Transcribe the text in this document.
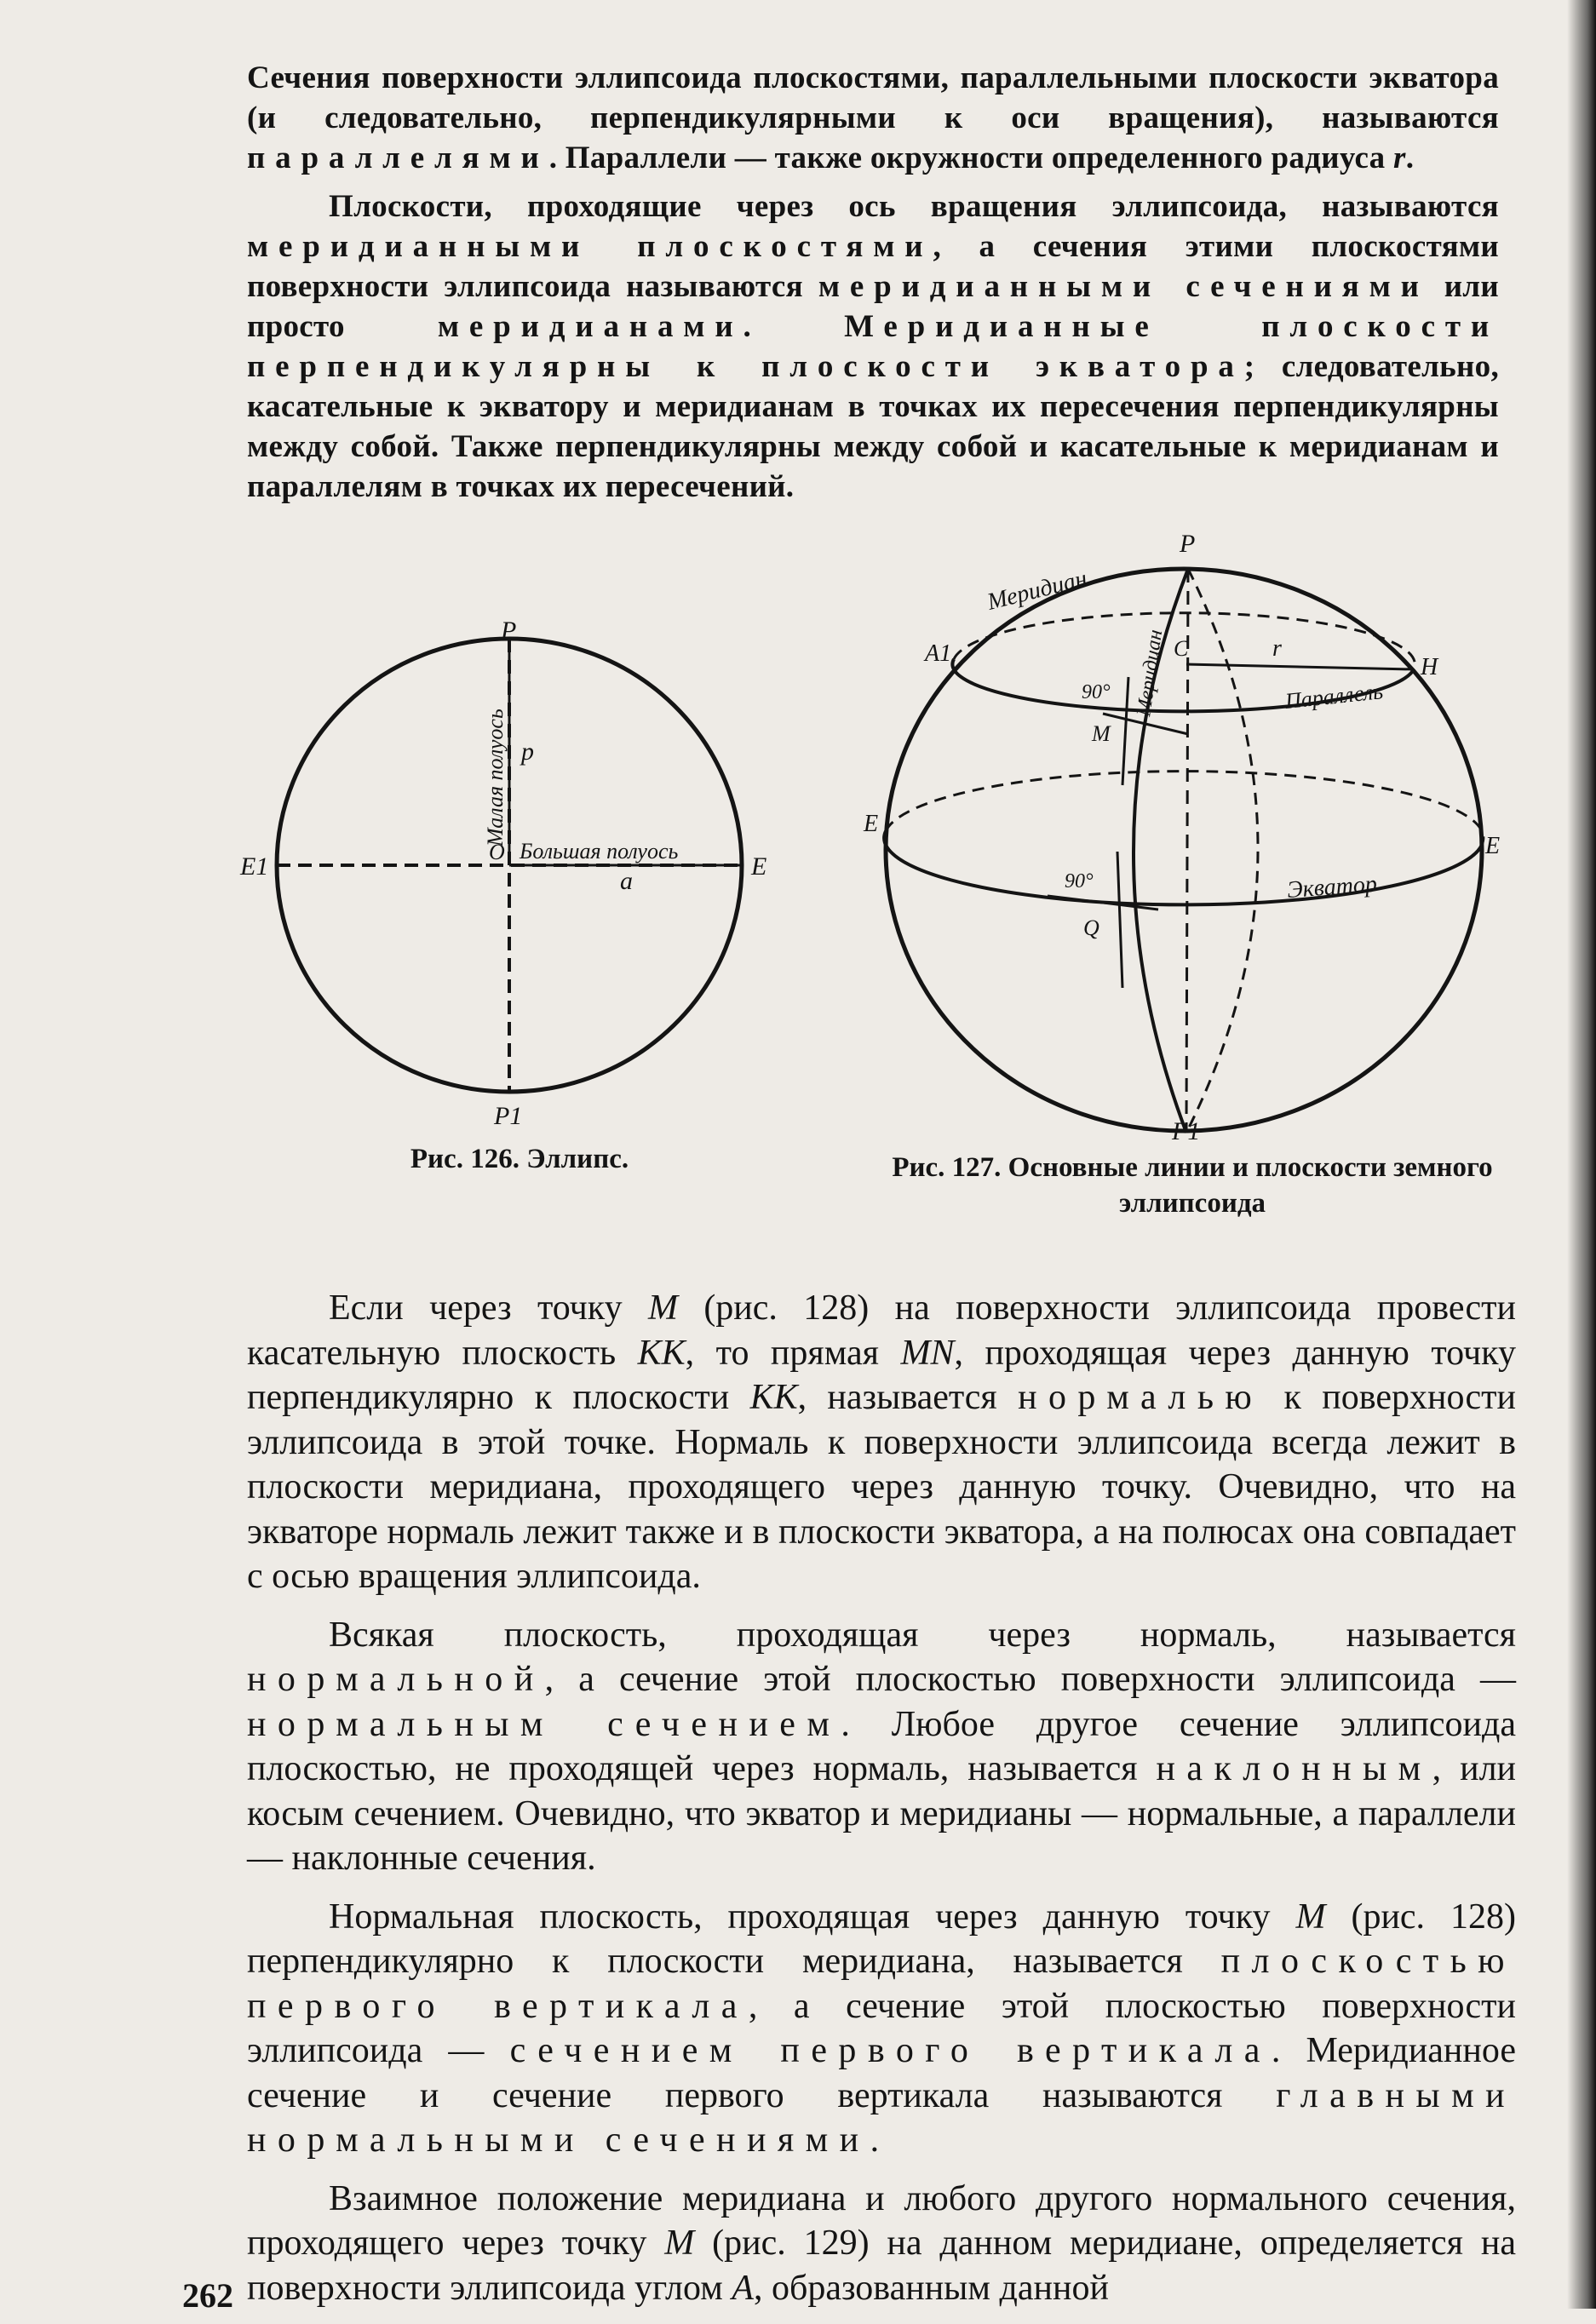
Сечения поверхности эллипсоида плоскостями, параллельными плоскости экватора (и следовательно, перпендикулярными к оси вращения), называются параллелями. Параллели — также окружности определенного радиуса r.

Плоскости, проходящие через ось вращения эллипсоида, называются меридианными плоскостями, а сечения этими плоскостями поверхности эллипсоида называются меридианными сечениями или просто меридианами. Меридианные плоскости перпендикулярны к плоскости экватора; следовательно, касательные к экватору и меридианам в точках их пересечения перпендикулярны между собой. Также перпендикулярны между собой и касательные к меридианам и параллелям в точках их пересечений.

P
P1
E
E1
O
a
p
Большая полуось
Малая полуось
Рис. 126. Эллипс.
P
P1
A1
H
C	r
M
Q
E
E
90°
90°
Параллель
Экватор
Меридиан
Меридиан
Рис. 127. Основные линии и плоскости земного эллипсоида

Если через точку M (рис. 128) на поверхности эллипсоида провести касательную плоскость KK, то прямая MN, проходящая через данную точку перпендикулярно к плоскости KK, называется нормалью к поверхности эллипсоида в этой точке. Нормаль к поверхности эллипсоида всегда лежит в плоскости меридиана, проходящего через данную точку. Очевидно, что на экваторе нормаль лежит также и в плоскости экватора, а на полюсах она совпадает с осью вращения эллипсоида.

Всякая плоскость, проходящая через нормаль, называется нормальной, а сечение этой плоскостью поверхности эллипсоида — нормальным сечением. Любое другое сечение эллипсоида плоскостью, не проходящей через нормаль, называется наклонным, или косым сечением. Очевидно, что экватор и меридианы — нормальные, а параллели — наклонные сечения.

Нормальная плоскость, проходящая через данную точку M (рис. 128) перпендикулярно к плоскости меридиана, называется плоскостью первого вертикала, а сечение этой плоскостью поверхности эллипсоида — сечением первого вертикала. Меридианное сечение и сечение первого вертикала называются главными нормальными сечениями.

Взаимное положение меридиана и любого другого нормального сечения, проходящего через точку M (рис. 129) на данном меридиане, определяется на поверхности эллипсоида углом A, образованным данной

262
